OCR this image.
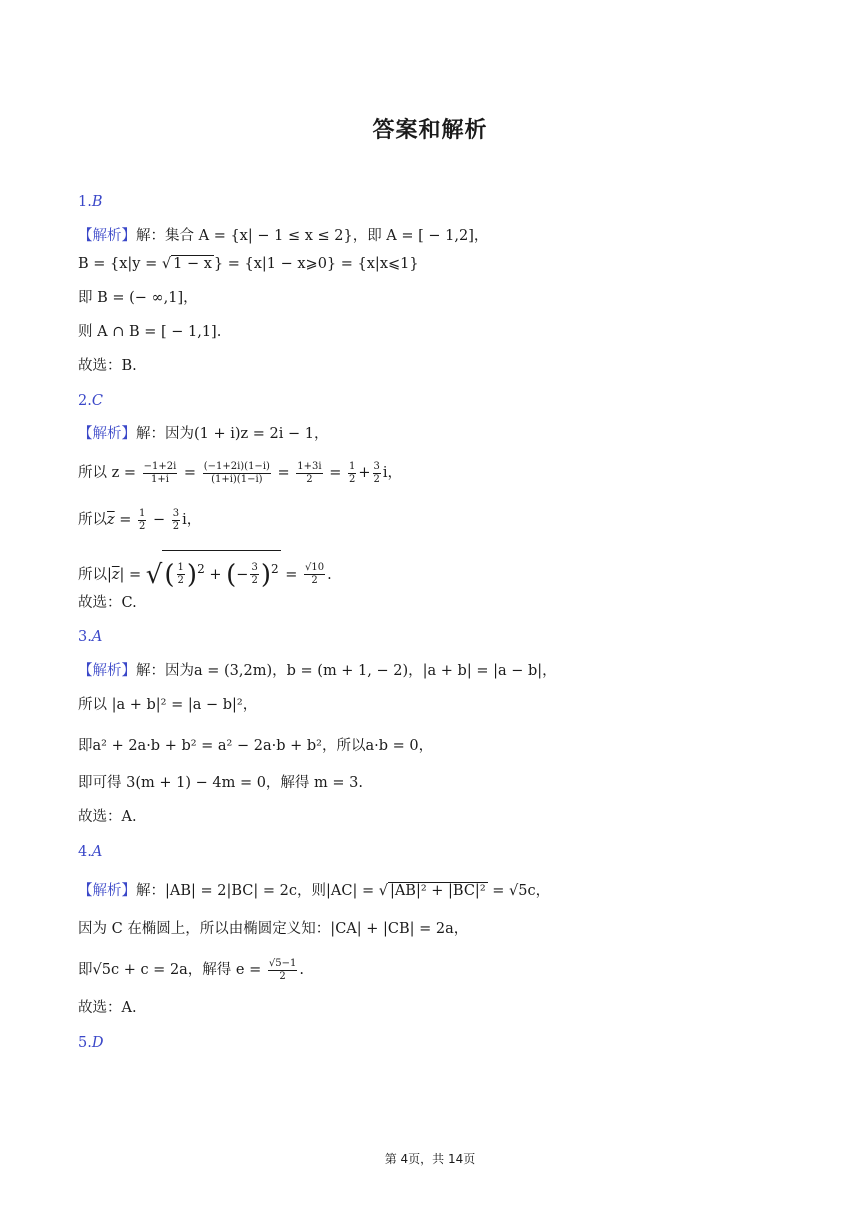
答案和解析
1.B
【解析】解：集合 A = {x| − 1 ≤ x ≤ 2}，即 A = [ − 1,2]，
B = {x|y = √ 1 − x } = {x|1 − x⩾0} = {x|x⩽1}
即 B = (− ∞,1]，
则 A ∩ B = [ − 1,1].
故选：B.
2.C
【解析】解：因为(1 + i)z = 2i − 1，
所以 $z = \frac{-1+2i}{1+i} = \frac{(-1+2i)(1-i)}{(1+i)(1-i)} = \frac{1+3i}{2} = \frac{1}{2} + \frac{3}{2}$ i，
所以$\overline{z} = \frac{1}{2} - \frac{3}{2}$ i，
所以$|\overline{z}|$ = √( $\frac{1}{2} )^2$ + (− $\frac{3}{2} )^2 = \frac{√10}{2}$ .
故选：C.
3.A
【解析】解：因为a = (3,2m)，b = (m + 1, − 2)，|a + b| = |a − b|，
所以 |a + b|² = |a − b|²，
即a² + 2a·b + b² = a² − 2a·b + b²，所以a·b = 0，
即可得 3(m + 1) − 4m = 0，解得 m = 3.
故选：A.
4.A
【解析】解：|AB| = 2|BC| = 2c，则|AC| = √ |AB|² + |BC|² = √5c，
因为 C 在椭圆上，所以由椭圆定义知：|CA| + |CB| = 2a，
即√5c + c = 2a，解得 $e = \frac{√5-1}{2}$ .
故选：A.
5.D
第 4页，共 14页
